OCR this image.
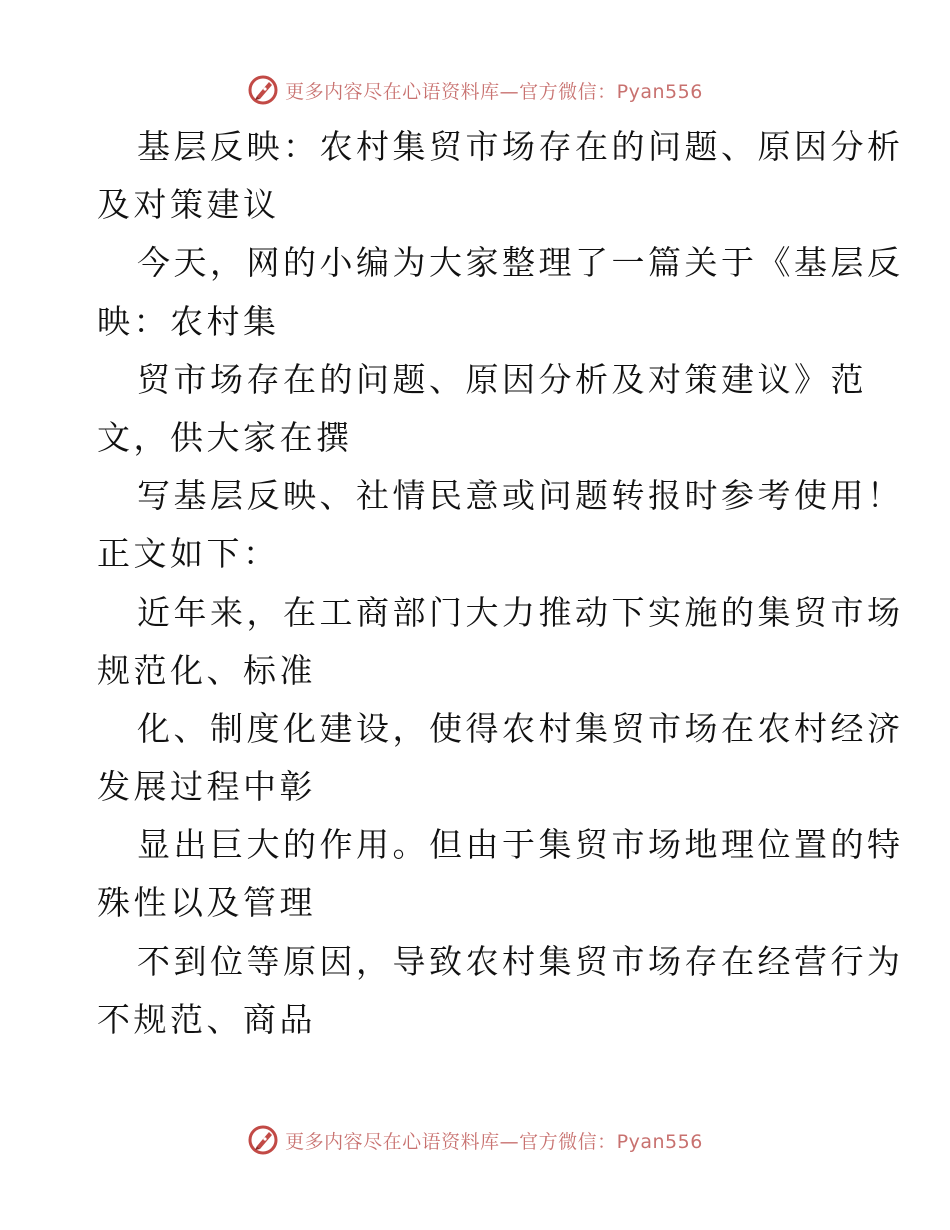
更多内容尽在心语资料库—官方微信：Pyan556
基层反映：农村集贸市场存在的问题、原因分析
及对策建议
今天，网的小编为大家整理了一篇关于《基层反
映：农村集
贸市场存在的问题、原因分析及对策建议》范
文，供大家在撰
写基层反映、社情民意或问题转报时参考使用！
正文如下：
近年来，在工商部门大力推动下实施的集贸市场
规范化、标准
化、制度化建设，使得农村集贸市场在农村经济
发展过程中彰
显出巨大的作用。但由于集贸市场地理位置的特
殊性以及管理
不到位等原因，导致农村集贸市场存在经营行为
不规范、商品
更多内容尽在心语资料库—官方微信：Pyan556
